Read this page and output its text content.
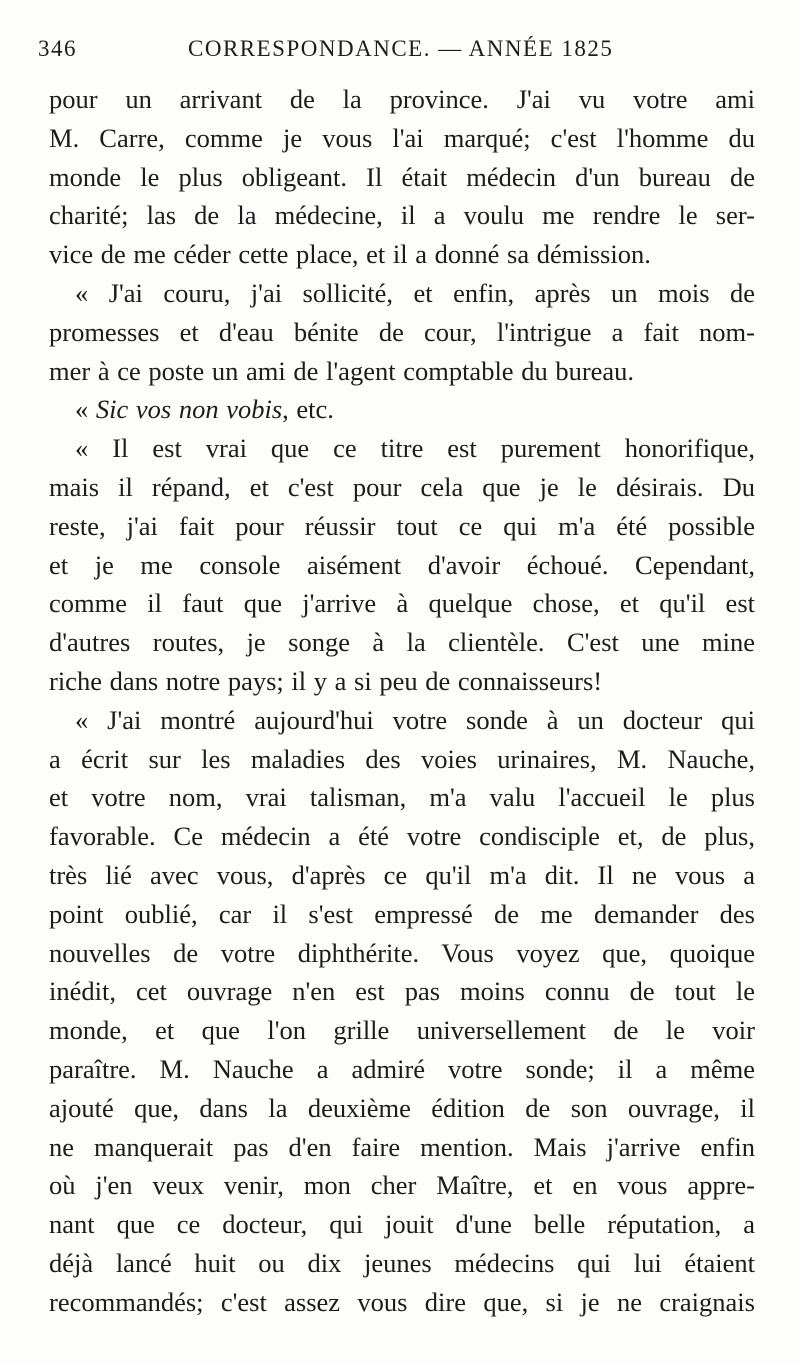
346	CORRESPONDANCE. — ANNÉE 1825
pour un arrivant de la province. J'ai vu votre ami
M. Carre, comme je vous l'ai marqué; c'est l'homme du
monde le plus obligeant. Il était médecin d'un bureau de
charité; las de la médecine, il a voulu me rendre le ser-
vice de me céder cette place, et il a donné sa démission.
« J'ai couru, j'ai sollicité, et enfin, après un mois de
promesses et d'eau bénite de cour, l'intrigue a fait nom-
mer à ce poste un ami de l'agent comptable du bureau.
« Sic vos non vobis, etc.
« Il est vrai que ce titre est purement honorifique,
mais il répand, et c'est pour cela que je le désirais. Du
reste, j'ai fait pour réussir tout ce qui m'a été possible
et je me console aisément d'avoir échoué. Cependant,
comme il faut que j'arrive à quelque chose, et qu'il est
d'autres routes, je songe à la clientèle. C'est une mine
riche dans notre pays; il y a si peu de connaisseurs!
« J'ai montré aujourd'hui votre sonde à un docteur qui
a écrit sur les maladies des voies urinaires, M. Nauche,
et votre nom, vrai talisman, m'a valu l'accueil le plus
favorable. Ce médecin a été votre condisciple et, de plus,
très lié avec vous, d'après ce qu'il m'a dit. Il ne vous a
point oublié, car il s'est empressé de me demander des
nouvelles de votre diphthérite. Vous voyez que, quoique
inédit, cet ouvrage n'en est pas moins connu de tout le
monde, et que l'on grille universellement de le voir
paraître. M. Nauche a admiré votre sonde; il a même
ajouté que, dans la deuxième édition de son ouvrage, il
ne manquerait pas d'en faire mention. Mais j'arrive enfin
où j'en veux venir, mon cher Maître, et en vous appre-
nant que ce docteur, qui jouit d'une belle réputation, a
déjà lancé huit ou dix jeunes médecins qui lui étaient
recommandés; c'est assez vous dire que, si je ne craignais
